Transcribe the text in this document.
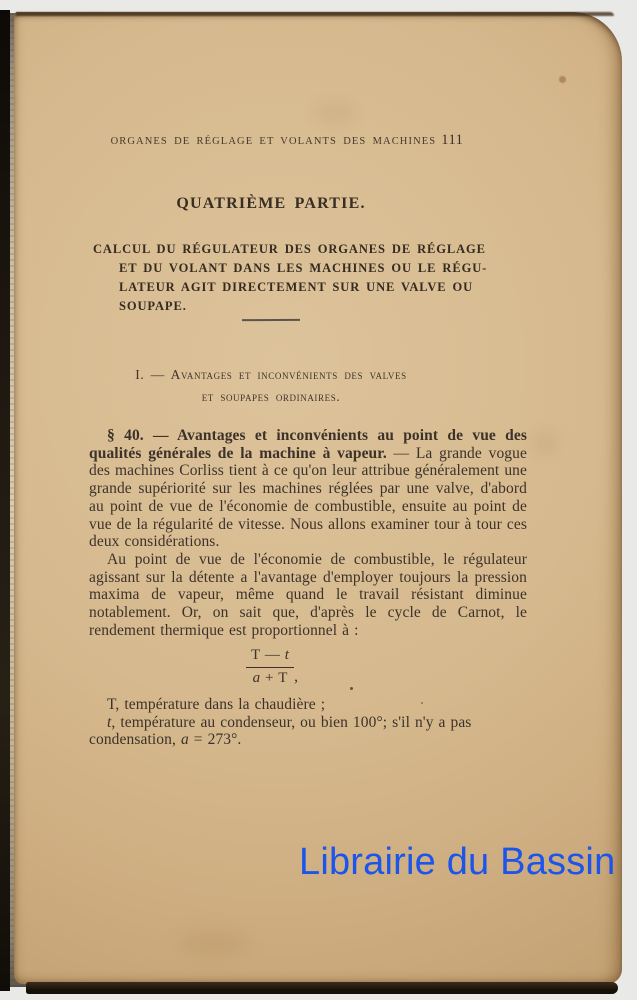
ORGANES DE RÉGLAGE ET VOLANTS DES MACHINES 111
QUATRIÈME PARTIE.
CALCUL DU RÉGULATEUR DES ORGANES DE RÉGLAGE
ET DU VOLANT DANS LES MACHINES OU LE RÉGU-
LATEUR AGIT DIRECTEMENT SUR UNE VALVE OU
SOUPAPE.
I. — Avantages et inconvénients des valves
et soupapes ordinaires.

§ 40. — Avantages et inconvénients au point de vue des qualités générales de la machine à vapeur. — La grande vogue des machines Corliss tient à ce qu'on leur attribue généralement une grande supériorité sur les machines réglées par une valve, d'abord au point de vue de l'économie de combustible, ensuite au point de vue de la régularité de vitesse. Nous allons examiner tour à tour ces deux considérations.

Au point de vue de l'économie de combustible, le régulateur agissant sur la détente a l'avantage d'employer toujours la pression maxima de vapeur, même quand le travail résistant diminue notablement. Or, on sait que, d'après le cycle de Carnot, le rendement thermique est proportionnel à :

$\frac{T — t}{a + T}$ ,

T, température dans la chaudière ;

t, température au condenseur, ou bien 100°; s'il n'y a pas condensation, a = 273°.

Librairie du Bassin
